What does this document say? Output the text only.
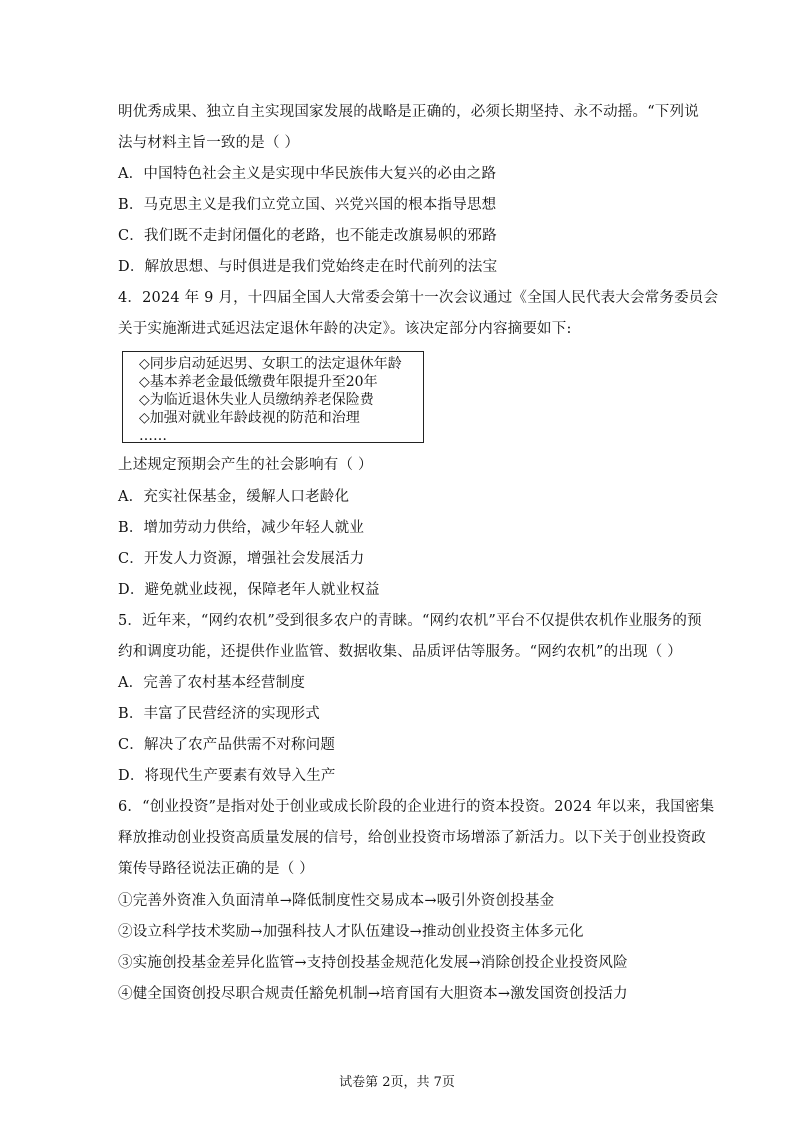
明优秀成果、独立自主实现国家发展的战略是正确的，必须长期坚持、永不动摇。“下列说
法与材料主旨一致的是（ ）
A．中国特色社会主义是实现中华民族伟大复兴的必由之路
B．马克思主义是我们立党立国、兴党兴国的根本指导思想
C．我们既不走封闭僵化的老路，也不能走改旗易帜的邪路
D．解放思想、与时俱进是我们党始终走在时代前列的法宝
4．2024 年 9 月，十四届全国人大常委会第十一次会议通过《全国人民代表大会常务委员会
关于实施渐进式延迟法定退休年龄的决定》。该决定部分内容摘要如下:
◇同步启动延迟男、女职工的法定退休年龄
◇基本养老金最低缴费年限提升至20年
◇为临近退休失业人员缴纳养老保险费
◇加强对就业年龄歧视的防范和治理
……
上述规定预期会产生的社会影响有（ ）
A．充实社保基金，缓解人口老龄化
B．增加劳动力供给，减少年轻人就业
C．开发人力资源，增强社会发展活力
D．避免就业歧视，保障老年人就业权益
5．近年来，“网约农机”受到很多农户的青睐。“网约农机”平台不仅提供农机作业服务的预
约和调度功能，还提供作业监管、数据收集、品质评估等服务。“网约农机”的出现（ ）
A．完善了农村基本经营制度
B．丰富了民营经济的实现形式
C．解决了农产品供需不对称问题
D．将现代生产要素有效导入生产
6．“创业投资”是指对处于创业或成长阶段的企业进行的资本投资。2024 年以来，我国密集
释放推动创业投资高质量发展的信号，给创业投资市场增添了新活力。以下关于创业投资政
策传导路径说法正确的是（ ）
①完善外资准入负面清单→降低制度性交易成本→吸引外资创投基金
②设立科学技术奖励→加强科技人才队伍建设→推动创业投资主体多元化
③实施创投基金差异化监管→支持创投基金规范化发展→消除创投企业投资风险
④健全国资创投尽职合规责任豁免机制→培育国有大胆资本→激发国资创投活力
试卷第 2页，共 7页
